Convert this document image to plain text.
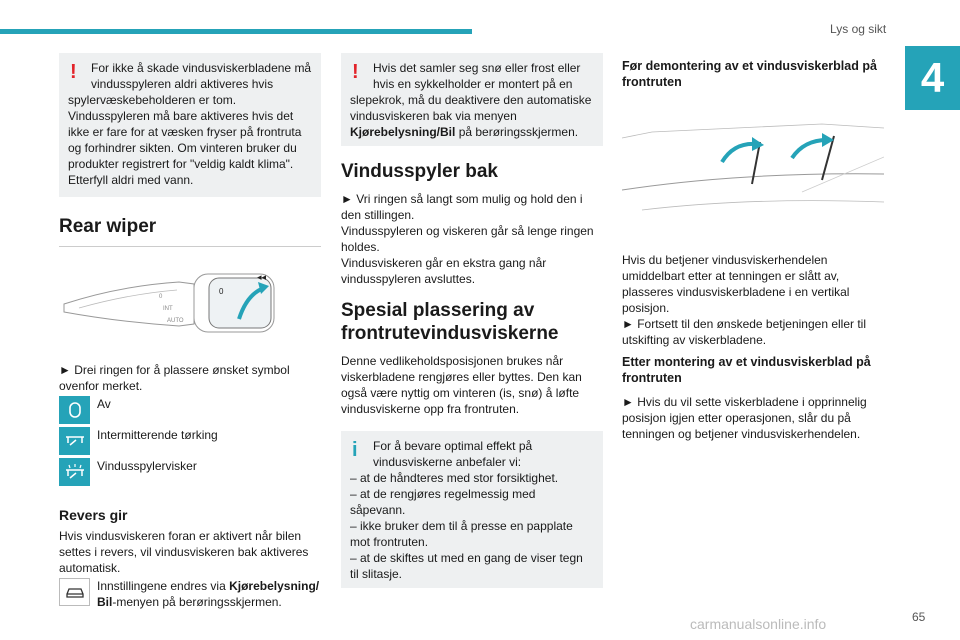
Lys og sikt
4
!	For ikke å skade vindusviskerbladene må vindusspyleren aldri aktiveres hvis
spylervæskebeholderen er tom. Vindusspyleren må bare aktiveres hvis det ikke er fare for at væsken fryser på frontruta og forhindrer sikten. Om vinteren bruker du produkter registrert for "veldig kaldt klima". Etterfyll aldri med vann.

Rear wiper
0
INT
AUTO
0
◂◂

► Drei ringen for å plassere ønsket symbol ovenfor merket.

Av
Intermitterende tørking
Vindusspylervisker
Revers gir

Hvis vindusviskeren foran er aktivert når bilen settes i revers, vil vindusviskeren bak aktiveres automatisk.

Innstillingene endres via Kjørebelysning/ Bil-menyen på berøringsskjermen.
!	Hvis det samler seg snø eller frost eller hvis en sykkelholder er montert på en
slepekrok, må du deaktivere den automatiske vindusviskeren bak via menyen Kjørebelysning/Bil på berøringsskjermen.

Vindusspyler bak

► Vri ringen så langt som mulig og hold den i den stillingen.

Vindusspyleren og viskeren går så lenge ringen holdes.

Vindusviskeren går en ekstra gang når vindusspyleren avsluttes.

Spesial plassering av frontrutevindusviskerne

Denne vedlikeholdsposisjonen brukes når viskerbladene rengjøres eller byttes. Den kan også være nyttig om vinteren (is, snø) å løfte vindusviskerne opp fra frontruten.

i	For å bevare optimal effekt på vindusviskerne anbefaler vi:

– at de håndteres med stor forsiktighet.

– at de rengjøres regelmessig med såpevann.

– ikke bruker dem til å presse en papplate mot frontruten.

– at de skiftes ut med en gang de viser tegn til slitasje.

Før demontering av et vindusviskerblad på frontruten

Hvis du betjener vindusviskerhendelen umiddelbart etter at tenningen er slått av, plasseres vindusviskerbladene i en vertikal posisjon.

► Fortsett til den ønskede betjeningen eller til utskifting av viskerbladene.

Etter montering av et vindusviskerblad på frontruten

► Hvis du vil sette viskerbladene i opprinnelig posisjon igjen etter operasjonen, slår du på tenningen og betjener vindusviskerhendelen.

carmanualsonline.info	65
